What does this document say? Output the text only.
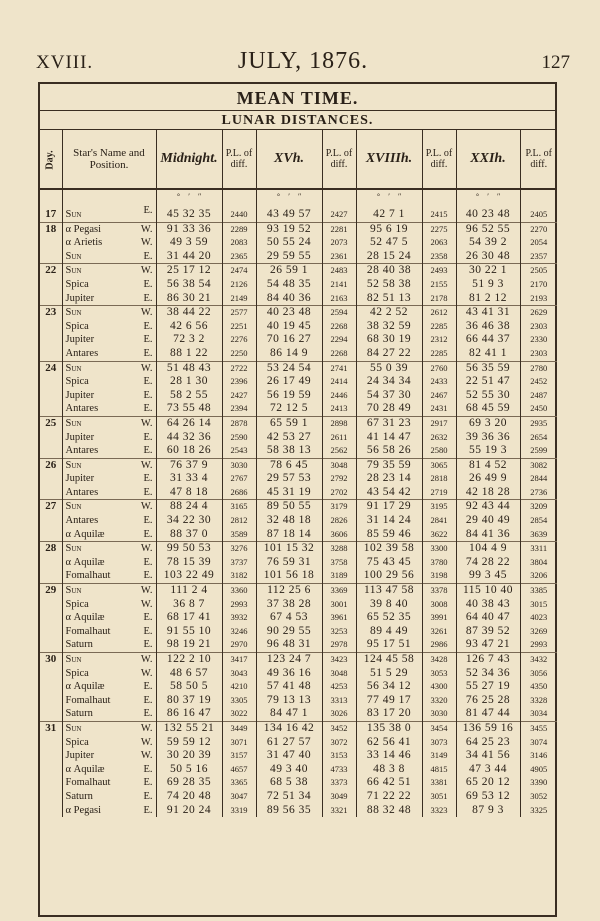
XVIII.	JULY, 1876.	127
MEAN TIME.
LUNAR DISTANCES.
Day.	Star's Name and Position.	Midnight.	P.L. of diff.	XVh.	P.L. of diff.	XVIIIh.	P.L. of diff.	XXIh.	P.L. of diff.
		° ′ ″		° ′ ″		° ′ ″		° ′ ″	
17	Sun E.	45 32 35	2440	43 49 57	2427	42 7 1	2415	40 23 48	2405
18	α Pegasi W.	91 33 36	2289	93 19 52	2281	95 6 19	2275	96 52 55	2270
	α Arietis W.	49 3 59	2083	50 55 24	2073	52 47 5	2063	54 39 2	2054
	Sun E.	31 44 20	2365	29 59 55	2361	28 15 24	2358	26 30 48	2357
22	Sun W.	25 17 12	2474	26 59 1	2483	28 40 38	2493	30 22 1	2505
	Spica E.	56 38 54	2126	54 48 35	2141	52 58 38	2155	51 9 3	2170
	Jupiter E.	86 30 21	2149	84 40 36	2163	82 51 13	2178	81 2 12	2193
23	Sun W.	38 44 22	2577	40 23 48	2594	42 2 52	2612	43 41 31	2629
	Spica E.	42 6 56	2251	40 19 45	2268	38 32 59	2285	36 46 38	2303
	Jupiter E.	72 3 2	2276	70 16 27	2294	68 30 19	2312	66 44 37	2330
	Antares E.	88 1 22	2250	86 14 9	2268	84 27 22	2285	82 41 1	2303
24	Sun W.	51 48 43	2722	53 24 54	2741	55 0 39	2760	56 35 59	2780
	Spica E.	28 1 30	2396	26 17 49	2414	24 34 34	2433	22 51 47	2452
	Jupiter E.	58 2 55	2427	56 19 59	2446	54 37 30	2467	52 55 30	2487
	Antares E.	73 55 48	2394	72 12 5	2413	70 28 49	2431	68 45 59	2450
25	Sun W.	64 26 14	2878	65 59 1	2898	67 31 23	2917	69 3 20	2935
	Jupiter E.	44 32 36	2590	42 53 27	2611	41 14 47	2632	39 36 36	2654
	Antares E.	60 18 26	2543	58 38 13	2562	56 58 26	2580	55 19 3	2599
26	Sun W.	76 37 9	3030	78 6 45	3048	79 35 59	3065	81 4 52	3082
	Jupiter E.	31 33 4	2767	29 57 53	2792	28 23 14	2818	26 49 9	2844
	Antares E.	47 8 18	2686	45 31 19	2702	43 54 42	2719	42 18 28	2736
27	Sun W.	88 24 4	3165	89 50 55	3179	91 17 29	3195	92 43 44	3209
	Antares E.	34 22 30	2812	32 48 18	2826	31 14 24	2841	29 40 49	2854
	α Aquilæ E.	88 37 0	3589	87 18 14	3606	85 59 46	3622	84 41 36	3639
28	Sun W.	99 50 53	3276	101 15 32	3288	102 39 58	3300	104 4 9	3311
	α Aquilæ E.	78 15 39	3737	76 59 31	3758	75 43 45	3780	74 28 22	3804
	Fomalhaut E.	103 22 49	3182	101 56 18	3189	100 29 56	3198	99 3 45	3206
29	Sun W.	111 2 4	3360	112 25 6	3369	113 47 58	3378	115 10 40	3385
	Spica W.	36 8 7	2993	37 38 28	3001	39 8 40	3008	40 38 43	3015
	α Aquilæ E.	68 17 41	3932	67 4 53	3961	65 52 35	3991	64 40 47	4023
	Fomalhaut E.	91 55 10	3246	90 29 55	3253	89 4 49	3261	87 39 52	3269
	Saturn E.	98 19 21	2970	96 48 31	2978	95 17 51	2986	93 47 21	2993
30	Sun W.	122 2 10	3417	123 24 7	3423	124 45 58	3428	126 7 43	3432
	Spica W.	48 6 57	3043	49 36 16	3048	51 5 29	3053	52 34 36	3056
	α Aquilæ E.	58 50 5	4210	57 41 48	4253	56 34 12	4300	55 27 19	4350
	Fomalhaut E.	80 37 19	3305	79 13 13	3313	77 49 17	3320	76 25 28	3328
	Saturn E.	86 16 47	3022	84 47 1	3026	83 17 20	3030	81 47 44	3034
31	Sun W.	132 55 21	3449	134 16 42	3452	135 38 0	3454	136 59 16	3455
	Spica W.	59 59 12	3071	61 27 57	3072	62 56 41	3073	64 25 23	3074
	Jupiter W.	30 20 39	3157	31 47 40	3153	33 14 46	3149	34 41 56	3146
	α Aquilæ E.	50 5 16	4657	49 3 40	4733	48 3 8	4815	47 3 44	4905
	Fomalhaut E.	69 28 35	3365	68 5 38	3373	66 42 51	3381	65 20 12	3390
	Saturn E.	74 20 48	3047	72 51 34	3049	71 22 22	3051	69 53 12	3052
	α Pegasi E.	91 20 24	3319	89 56 35	3321	88 32 48	3323	87 9 3	3325
